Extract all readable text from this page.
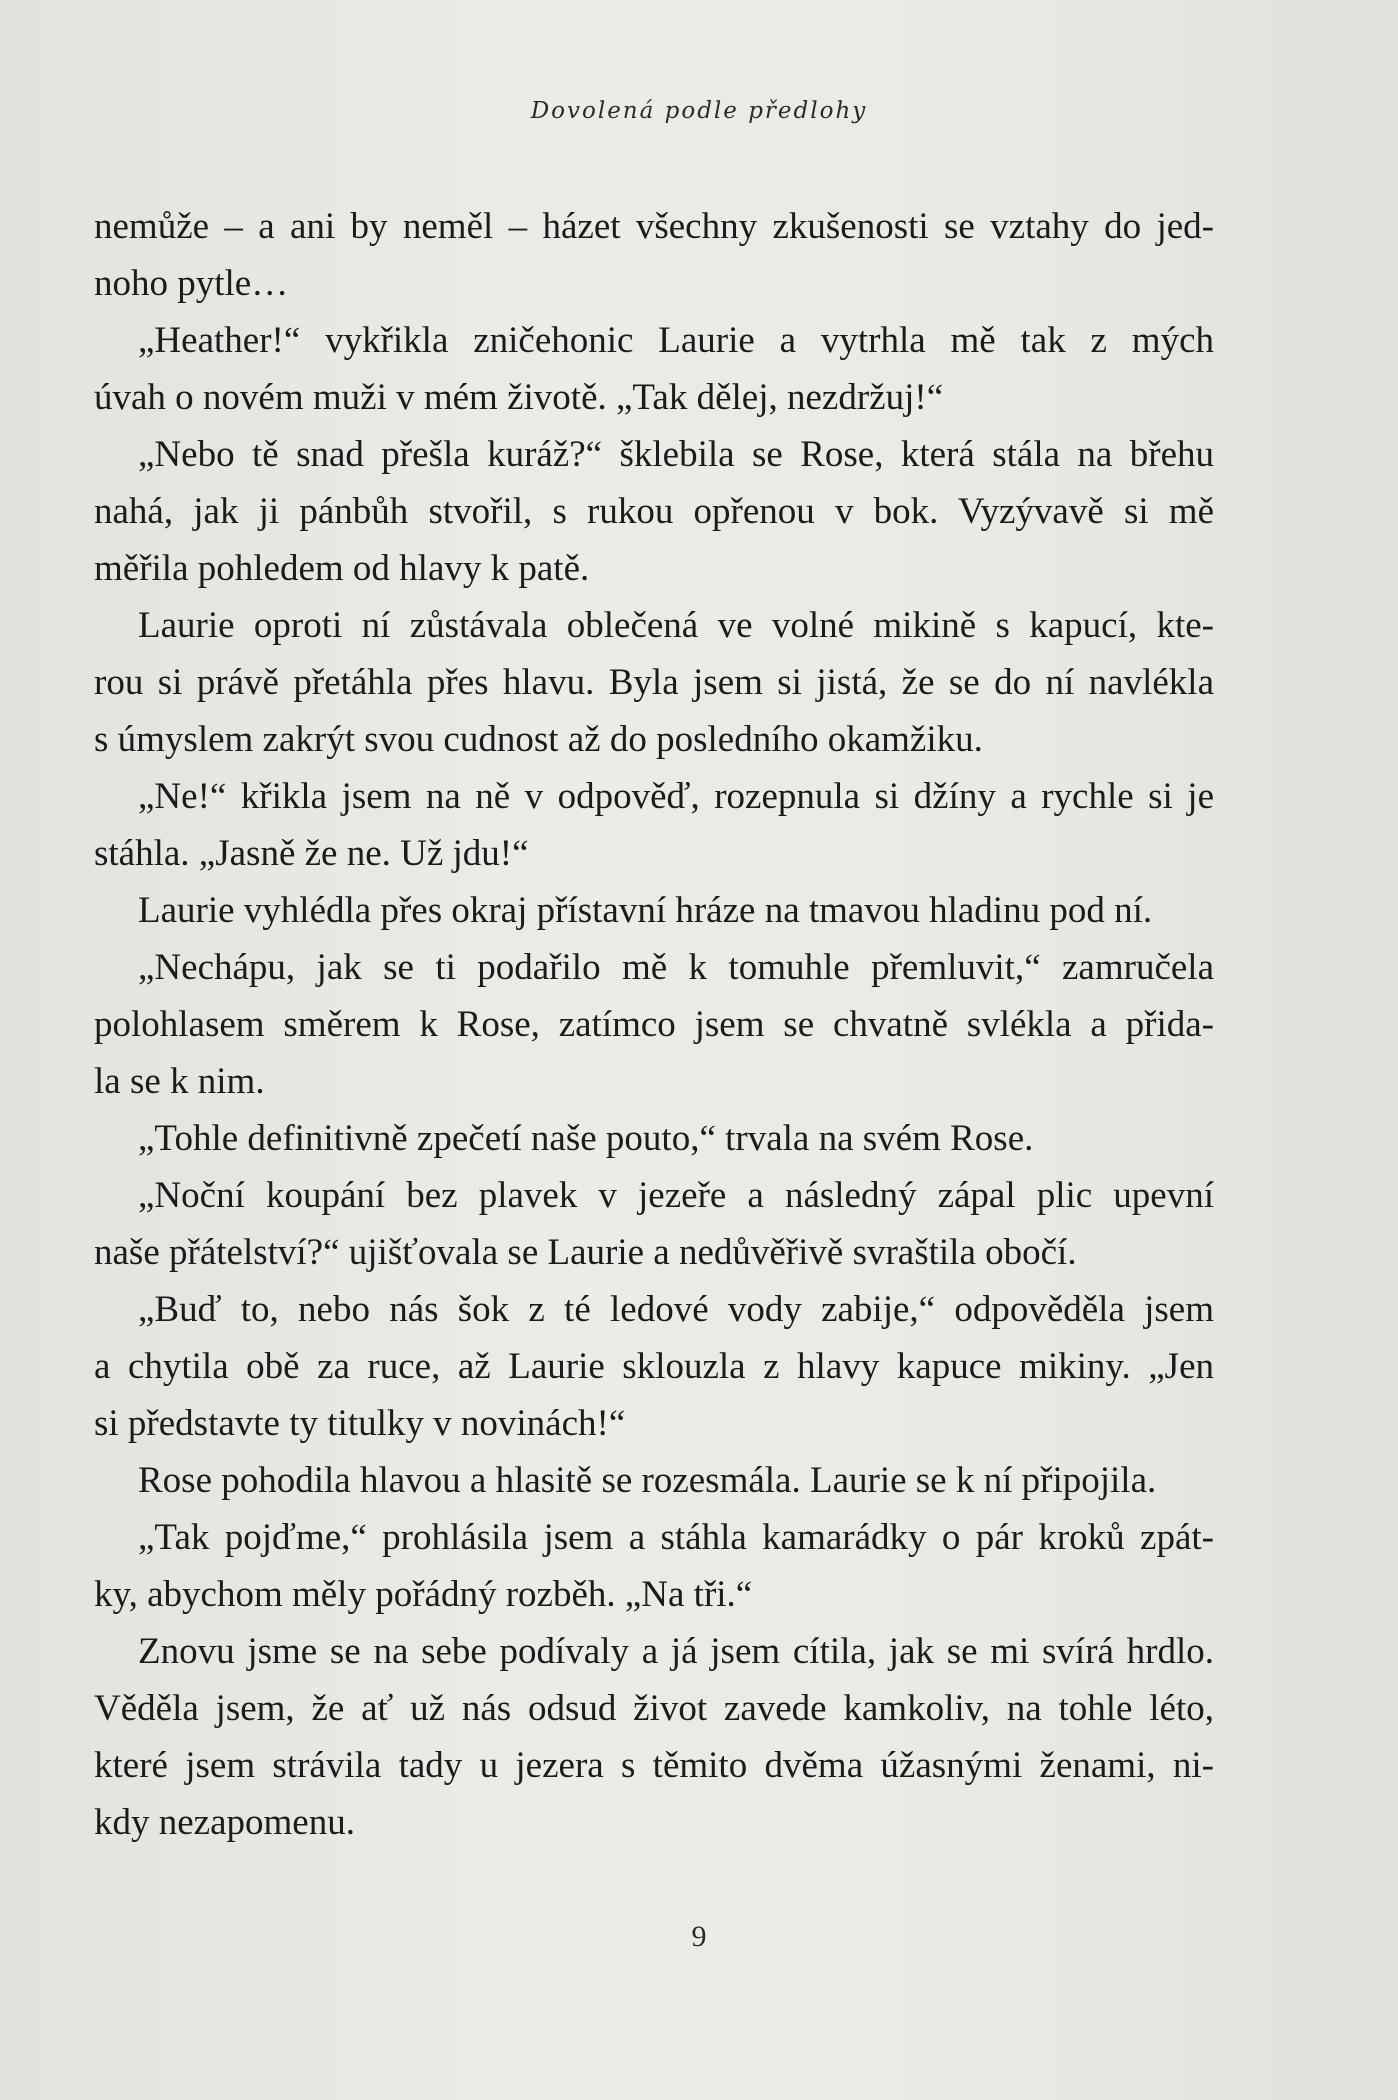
Dovolená podle předlohy
nemůže – a ani by neměl – házet všechny zkušenosti se vztahy do jed-
noho pytle…
„Heather!“ vykřikla zničehonic Laurie a vytrhla mě tak z mých
úvah o novém muži v mém životě. „Tak dělej, nezdržuj!“
„Nebo tě snad přešla kuráž?“ šklebila se Rose, která stála na břehu
nahá, jak ji pánbůh stvořil, s rukou opřenou v bok. Vyzývavě si mě
měřila pohledem od hlavy k patě.
Laurie oproti ní zůstávala oblečená ve volné mikině s kapucí, kte-
rou si právě přetáhla přes hlavu. Byla jsem si jistá, že se do ní navlékla
s úmyslem zakrýt svou cudnost až do posledního okamžiku.
„Ne!“ křikla jsem na ně v odpověď, rozepnula si džíny a rychle si je
stáhla. „Jasně že ne. Už jdu!“
Laurie vyhlédla přes okraj přístavní hráze na tmavou hladinu pod ní.
„Nechápu, jak se ti podařilo mě k tomuhle přemluvit,“ zamručela
polohlasem směrem k Rose, zatímco jsem se chvatně svlékla a přida-
la se k nim.
„Tohle definitivně zpečetí naše pouto,“ trvala na svém Rose.
„Noční koupání bez plavek v jezeře a následný zápal plic upevní
naše přátelství?“ ujišťovala se Laurie a nedůvěřivě svraštila obočí.
„Buď to, nebo nás šok z té ledové vody zabije,“ odpověděla jsem
a chytila obě za ruce, až Laurie sklouzla z hlavy kapuce mikiny. „Jen
si představte ty titulky v novinách!“
Rose pohodila hlavou a hlasitě se rozesmála. Laurie se k ní připojila.
„Tak pojďme,“ prohlásila jsem a stáhla kamarádky o pár kroků zpát-
ky, abychom měly pořádný rozběh. „Na tři.“
Znovu jsme se na sebe podívaly a já jsem cítila, jak se mi svírá hrdlo.
Věděla jsem, že ať už nás odsud život zavede kamkoliv, na tohle léto,
které jsem strávila tady u jezera s těmito dvěma úžasnými ženami, ni-
kdy nezapomenu.
9
